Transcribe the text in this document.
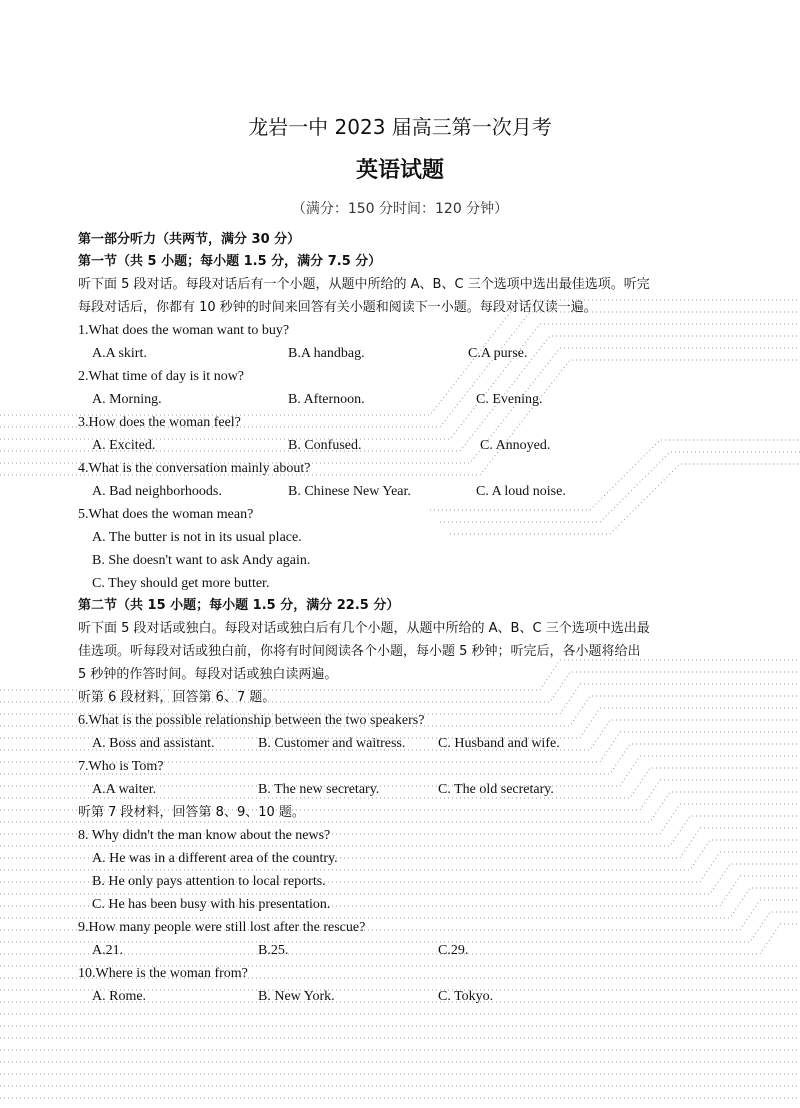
龙岩一中 2023 届高三第一次月考
英语试题
（满分：150 分时间：120 分钟）
第一部分听力（共两节，满分 30 分）
第一节（共 5 小题；每小题 1.5 分，满分 7.5 分）
听下面 5 段对话。每段对话后有一个小题，从题中所给的 A、B、C 三个选项中选出最佳选项。听完
每段对话后，你都有 10 秒钟的时间来回答有关小题和阅读下一小题。每段对话仅读一遍。
1.What does the woman want to buy?
A.A skirt.	B.A handbag.	C.A purse.
2.What time of day is it now?
A. Morning.	B. Afternoon.	C. Evening.
3.How does the woman feel?
A. Excited.	B. Confused.	C. Annoyed.
4.What is the conversation mainly about?
A. Bad neighborhoods.	B. Chinese New Year.	C. A loud noise.
5.What does the woman mean?
A. The butter is not in its usual place.
B. She doesn't want to ask Andy again.
C. They should get more butter.
第二节（共 15 小题；每小题 1.5 分，满分 22.5 分）
听下面 5 段对话或独白。每段对话或独白后有几个小题，从题中所给的 A、B、C 三个选项中选出最
佳选项。听每段对话或独白前，你将有时间阅读各个小题，每小题 5 秒钟；听完后，各小题将给出
5 秒钟的作答时间。每段对话或独白读两遍。
听第 6 段材料，回答第 6、7 题。
6.What is the possible relationship between the two speakers?
A. Boss and assistant.	B. Customer and waitress. C. Husband and wife.
7.Who is Tom?
A.A waiter.	B. The new secretary.	C. The old secretary.
听第 7 段材料，回答第 8、9、10 题。
8. Why didn't the man know about the news?
A. He was in a different area of the country.
B. He only pays attention to local reports.
C. He has been busy with his presentation.
9.How many people were still lost after the rescue?
A.21.	B.25.	C.29.
10.Where is the woman from?
A. Rome.	B. New York.	C. Tokyo.
